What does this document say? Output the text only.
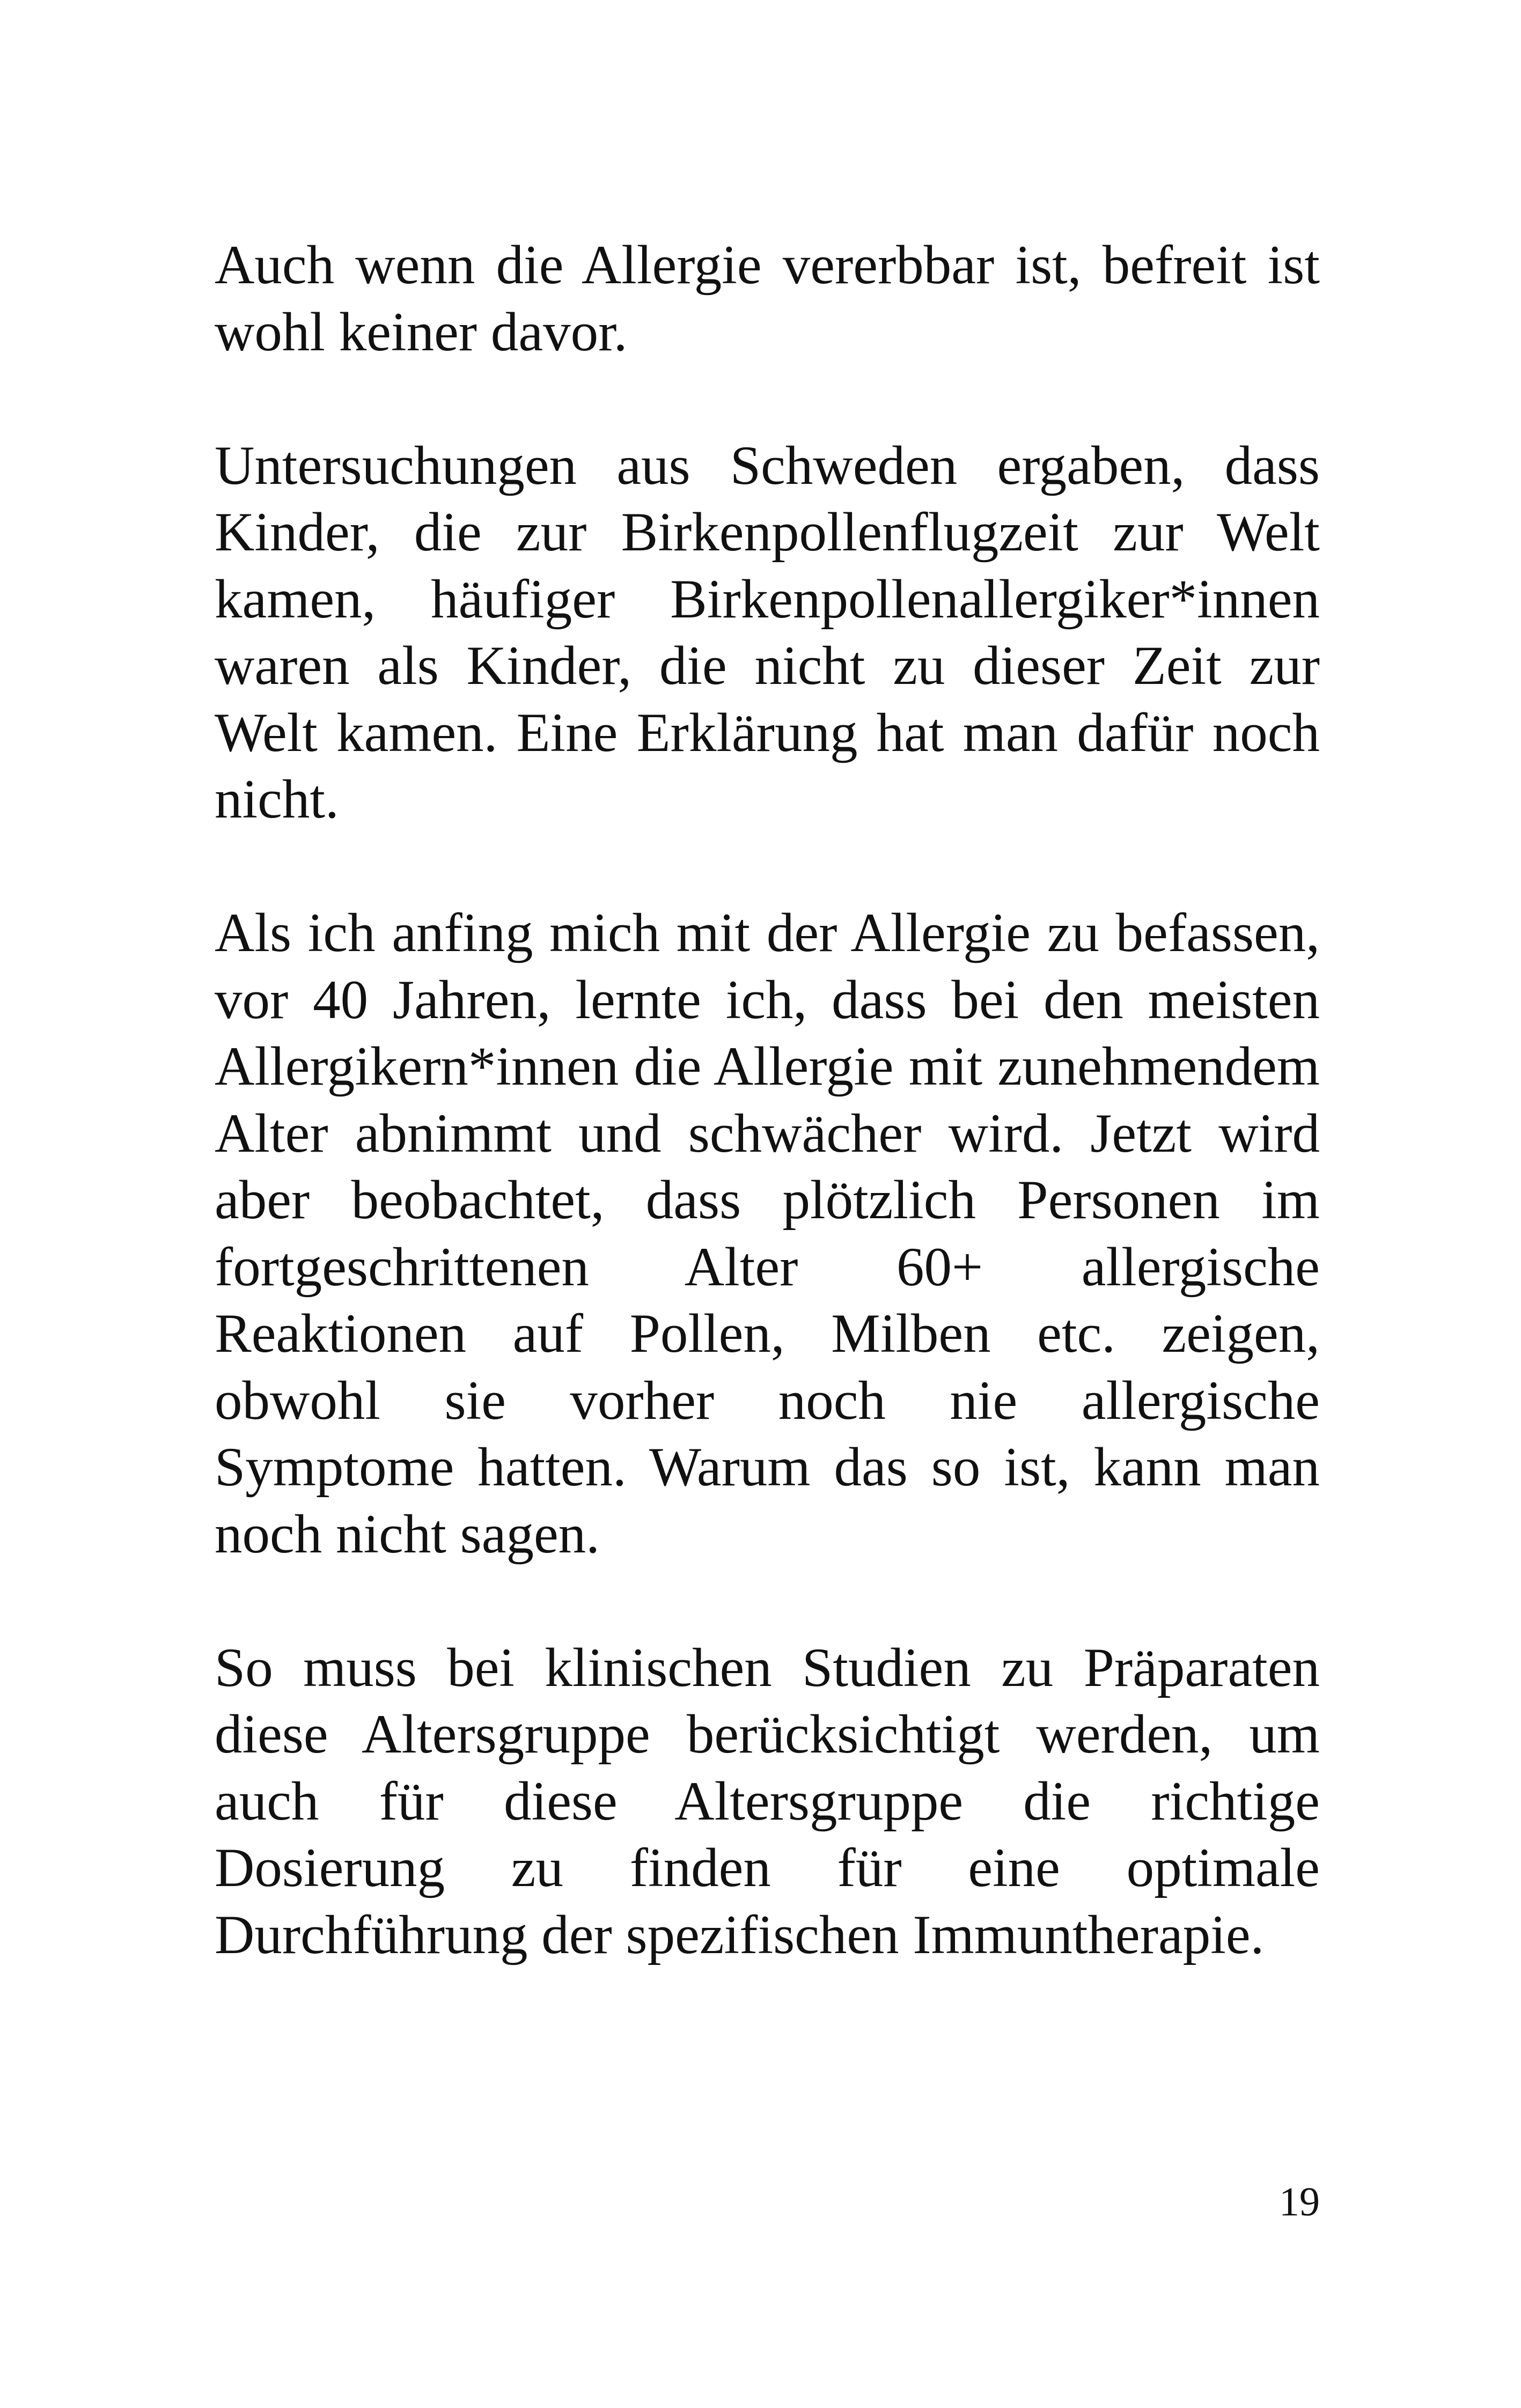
Auch wenn die Allergie vererbbar ist, befreit ist wohl keiner davor.

Untersuchungen aus Schweden ergaben, dass Kinder, die zur Birkenpollenflugzeit zur Welt kamen, häufiger Birkenpollenallergiker*innen waren als Kinder, die nicht zu dieser Zeit zur Welt kamen. Eine Erklärung hat man dafür noch nicht.

Als ich anfing mich mit der Allergie zu befassen, vor 40 Jahren, lernte ich, dass bei den meisten Allergikern*innen die Allergie mit zunehmendem Alter abnimmt und schwächer wird. Jetzt wird aber beobachtet, dass plötzlich Personen im fortgeschrittenen Alter 60+ allergische Reaktionen auf Pollen, Milben etc. zeigen, obwohl sie vorher noch nie allergische Symptome hatten. Warum das so ist, kann man noch nicht sagen.

So muss bei klinischen Studien zu Präparaten diese Altersgruppe berücksichtigt werden, um auch für diese Altersgruppe die richtige Dosierung zu finden für eine optimale Durchführung der spezifischen Immuntherapie.

19
